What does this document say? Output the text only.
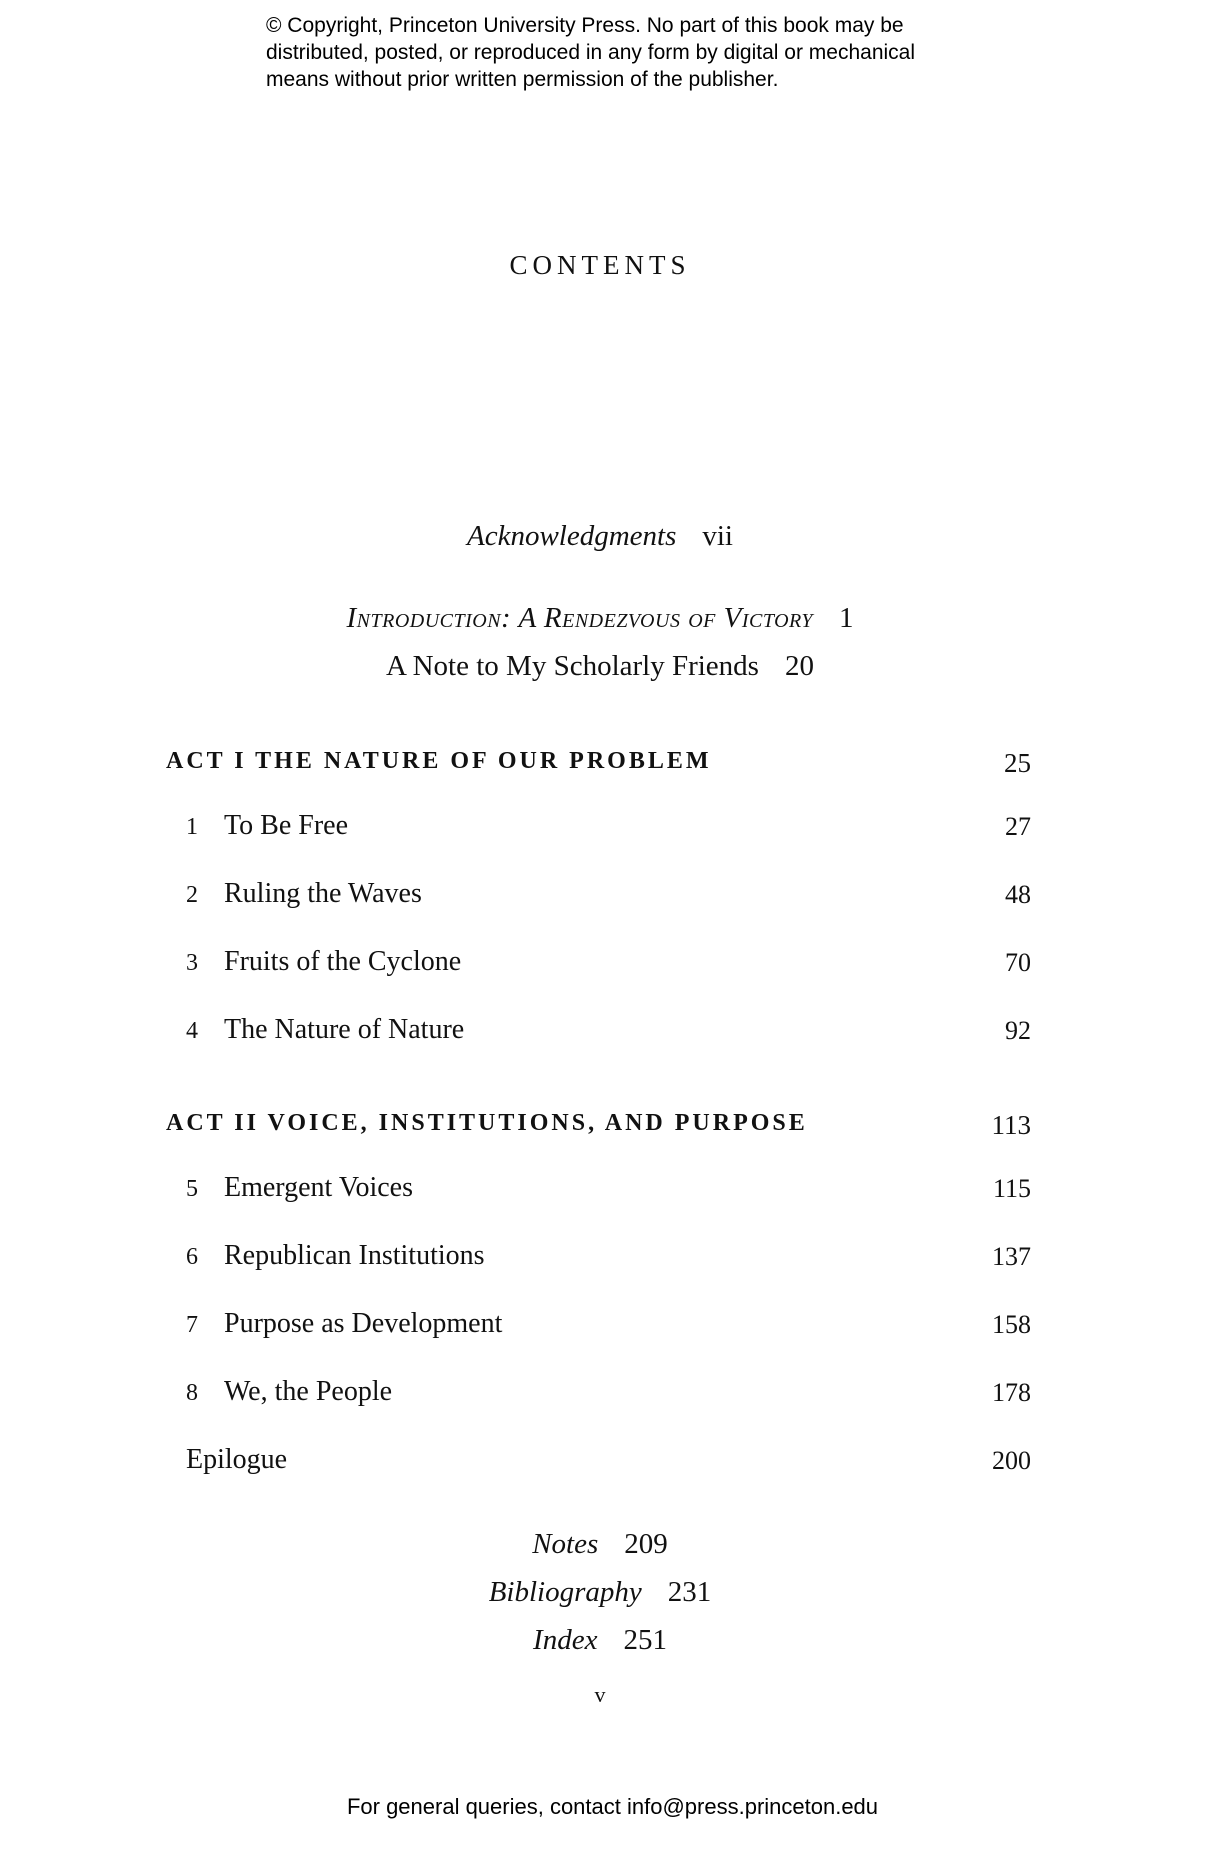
© Copyright, Princeton University Press. No part of this book may be
distributed, posted, or reproduced in any form by digital or mechanical
means without prior written permission of the publisher.
CONTENTS
Acknowledgments vii
Introduction: A Rendezvous of Victory 1
A Note to My Scholarly Friends 20
ACT I THE NATURE OF OUR PROBLEM	25
1 To Be Free	27
2 Ruling the Waves	48
3 Fruits of the Cyclone	70
4 The Nature of Nature	92
ACT II VOICE, INSTITUTIONS, AND PURPOSE	113
5 Emergent Voices	115
6 Republican Institutions	137
7 Purpose as Development	158
8 We, the People	178
Epilogue	200
Notes 209
Bibliography 231
Index 251
v
For general queries, contact info@press.princeton.edu
